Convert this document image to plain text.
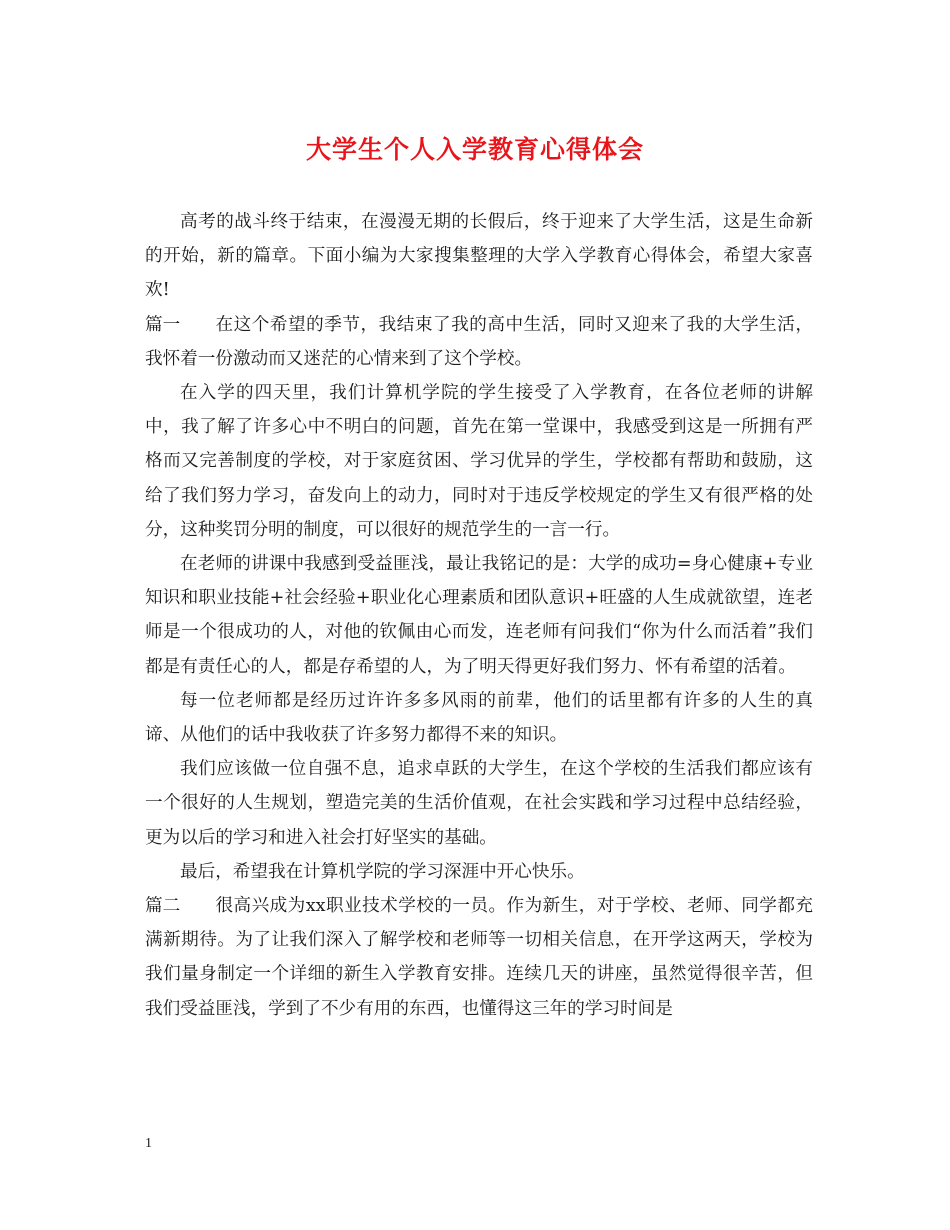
大学生个人入学教育心得体会

高考的战斗终于结束，在漫漫无期的长假后，终于迎来了大学生活，这是生命新的开始，新的篇章。下面小编为大家搜集整理的大学入学教育心得体会，希望大家喜欢!

篇一 在这个希望的季节，我结束了我的高中生活，同时又迎来了我的大学生活，我怀着一份激动而又迷茫的心情来到了这个学校。

在入学的四天里，我们计算机学院的学生接受了入学教育，在各位老师的讲解中，我了解了许多心中不明白的问题，首先在第一堂课中，我感受到这是一所拥有严格而又完善制度的学校，对于家庭贫困、学习优异的学生，学校都有帮助和鼓励，这给了我们努力学习，奋发向上的动力，同时对于违反学校规定的学生又有很严格的处分，这种奖罚分明的制度，可以很好的规范学生的一言一行。

在老师的讲课中我感到受益匪浅，最让我铭记的是：大学的成功=身心健康+专业知识和职业技能+社会经验+职业化心理素质和团队意识+旺盛的人生成就欲望，连老师是一个很成功的人，对他的钦佩由心而发，连老师有问我们“你为什么而活着”我们都是有责任心的人，都是存希望的人，为了明天得更好我们努力、怀有希望的活着。

每一位老师都是经历过许许多多风雨的前辈，他们的话里都有许多的人生的真谛、从他们的话中我收获了许多努力都得不来的知识。

我们应该做一位自强不息，追求卓跃的大学生，在这个学校的生活我们都应该有一个很好的人生规划，塑造完美的生活价值观，在社会实践和学习过程中总结经验，更为以后的学习和进入社会打好坚实的基础。

最后，希望我在计算机学院的学习深涯中开心快乐。

篇二 很高兴成为xx职业技术学校的一员。作为新生，对于学校、老师、同学都充满新期待。为了让我们深入了解学校和老师等一切相关信息，在开学这两天，学校为我们量身制定一个详细的新生入学教育安排。连续几天的讲座，虽然觉得很辛苦，但我们受益匪浅，学到了不少有用的东西，也懂得这三年的学习时间是

1
